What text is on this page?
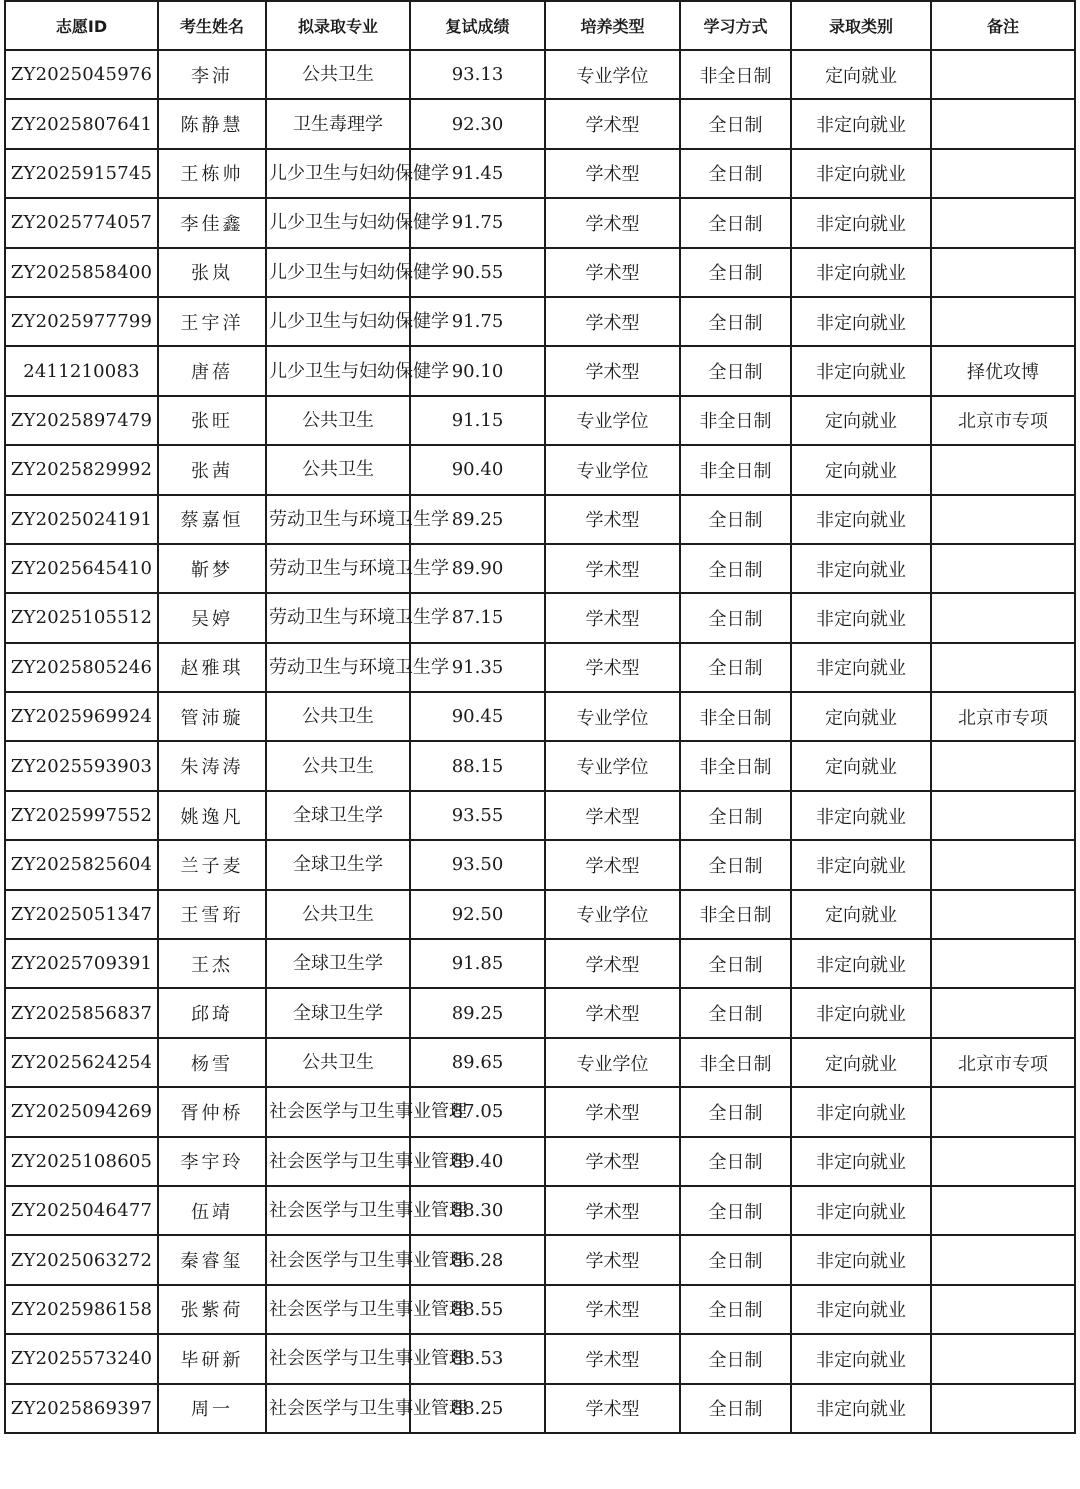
志愿ID	考生姓名	拟录取专业	复试成绩	培养类型	学习方式	录取类别	备注
ZY2025045976	李沛	公共卫生	93.13	专业学位	非全日制	定向就业	
ZY2025807641	陈静慧	卫生毒理学	92.30	学术型	全日制	非定向就业	
ZY2025915745	王栋帅	儿少卫生与妇幼保健学	91.45	学术型	全日制	非定向就业	
ZY2025774057	李佳鑫	儿少卫生与妇幼保健学	91.75	学术型	全日制	非定向就业	
ZY2025858400	张岚	儿少卫生与妇幼保健学	90.55	学术型	全日制	非定向就业	
ZY2025977799	王宇洋	儿少卫生与妇幼保健学	91.75	学术型	全日制	非定向就业	
2411210083	唐蓓	儿少卫生与妇幼保健学	90.10	学术型	全日制	非定向就业	择优攻博
ZY2025897479	张旺	公共卫生	91.15	专业学位	非全日制	定向就业	北京市专项
ZY2025829992	张茜	公共卫生	90.40	专业学位	非全日制	定向就业	
ZY2025024191	蔡嘉恒	劳动卫生与环境卫生学	89.25	学术型	全日制	非定向就业	
ZY2025645410	靳梦	劳动卫生与环境卫生学	89.90	学术型	全日制	非定向就业	
ZY2025105512	吴婷	劳动卫生与环境卫生学	87.15	学术型	全日制	非定向就业	
ZY2025805246	赵雅琪	劳动卫生与环境卫生学	91.35	学术型	全日制	非定向就业	
ZY2025969924	管沛璇	公共卫生	90.45	专业学位	非全日制	定向就业	北京市专项
ZY2025593903	朱涛涛	公共卫生	88.15	专业学位	非全日制	定向就业	
ZY2025997552	姚逸凡	全球卫生学	93.55	学术型	全日制	非定向就业	
ZY2025825604	兰子麦	全球卫生学	93.50	学术型	全日制	非定向就业	
ZY2025051347	王雪珩	公共卫生	92.50	专业学位	非全日制	定向就业	
ZY2025709391	王杰	全球卫生学	91.85	学术型	全日制	非定向就业	
ZY2025856837	邱琦	全球卫生学	89.25	学术型	全日制	非定向就业	
ZY2025624254	杨雪	公共卫生	89.65	专业学位	非全日制	定向就业	北京市专项
ZY2025094269	胥仲桥	社会医学与卫生事业管理	87.05	学术型	全日制	非定向就业	
ZY2025108605	李宇玲	社会医学与卫生事业管理	89.40	学术型	全日制	非定向就业	
ZY2025046477	伍靖	社会医学与卫生事业管理	88.30	学术型	全日制	非定向就业	
ZY2025063272	秦睿玺	社会医学与卫生事业管理	86.28	学术型	全日制	非定向就业	
ZY2025986158	张紫荷	社会医学与卫生事业管理	88.55	学术型	全日制	非定向就业	
ZY2025573240	毕研新	社会医学与卫生事业管理	88.53	学术型	全日制	非定向就业	
ZY2025869397	周一	社会医学与卫生事业管理	88.25	学术型	全日制	非定向就业	
